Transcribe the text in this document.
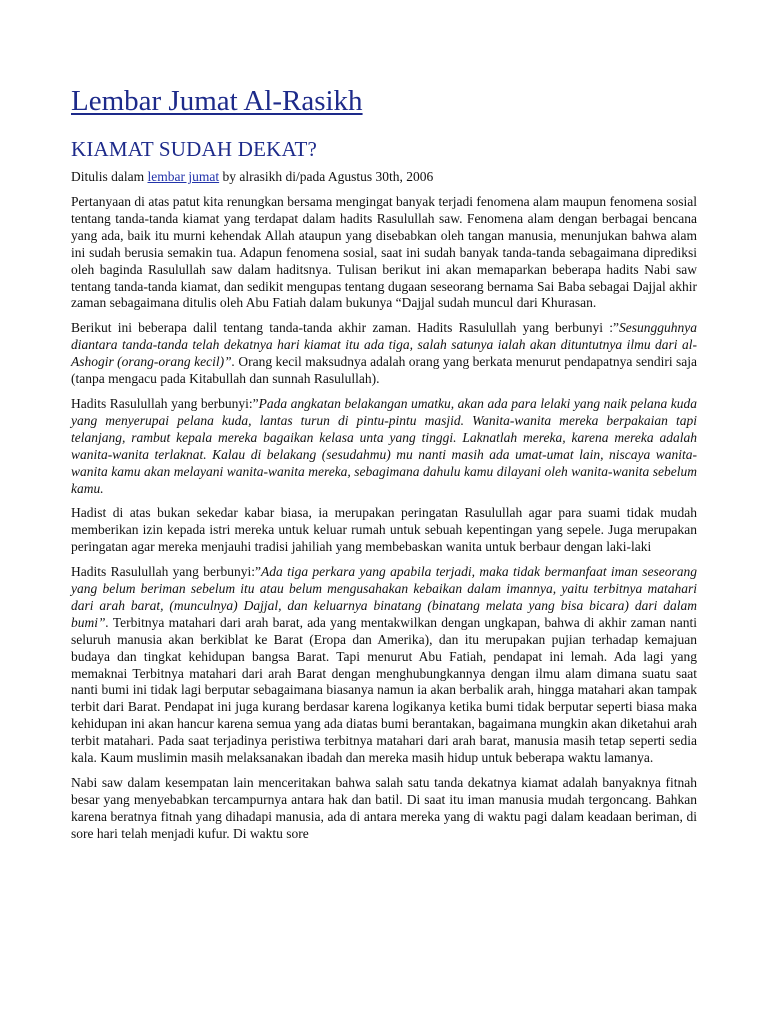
Lembar Jumat Al-Rasikh
KIAMAT SUDAH DEKAT?
Ditulis dalam lembar jumat by alrasikh di/pada Agustus 30th, 2006

Pertanyaan di atas patut kita renungkan bersama mengingat banyak terjadi fenomena alam maupun fenomena sosial tentang tanda-tanda kiamat yang terdapat dalam hadits Rasulullah saw. Fenomena alam dengan berbagai bencana yang ada, baik itu murni kehendak Allah ataupun yang disebabkan oleh tangan manusia, menunjukan bahwa alam ini sudah berusia semakin tua. Adapun fenomena sosial, saat ini sudah banyak tanda-tanda sebagaimana diprediksi oleh baginda Rasulullah saw dalam haditsnya. Tulisan berikut ini akan memaparkan beberapa hadits Nabi saw tentang tanda-tanda kiamat, dan sedikit mengupas tentang dugaan seseorang bernama Sai Baba sebagai Dajjal akhir zaman sebagaimana ditulis oleh Abu Fatiah dalam bukunya “Dajjal sudah muncul dari Khurasan.

Berikut ini beberapa dalil tentang tanda-tanda akhir zaman. Hadits Rasulullah yang berbunyi :”Sesungguhnya diantara tanda-tanda telah dekatnya hari kiamat itu ada tiga, salah satunya ialah akan dituntutnya ilmu dari al-Ashogir (orang-orang kecil)”. Orang kecil maksudnya adalah orang yang berkata menurut pendapatnya sendiri saja (tanpa mengacu pada Kitabullah dan sunnah Rasulullah).

Hadits Rasulullah yang berbunyi:”Pada angkatan belakangan umatku, akan ada para lelaki yang naik pelana kuda yang menyerupai pelana kuda, lantas turun di pintu-pintu masjid. Wanita-wanita mereka berpakaian tapi telanjang, rambut kepala mereka bagaikan kelasa unta yang tinggi. Laknatlah mereka, karena mereka adalah wanita-wanita terlaknat. Kalau di belakang (sesudahmu) mu nanti masih ada umat-umat lain, niscaya wanita-wanita kamu akan melayani wanita-wanita mereka, sebagimana dahulu kamu dilayani oleh wanita-wanita sebelum kamu.

Hadist di atas bukan sekedar kabar biasa, ia merupakan peringatan Rasulullah agar para suami tidak mudah memberikan izin kepada istri mereka untuk keluar rumah untuk sebuah kepentingan yang sepele. Juga merupakan peringatan agar mereka menjauhi tradisi jahiliah yang membebaskan wanita untuk berbaur dengan laki-laki

Hadits Rasulullah yang berbunyi:”Ada tiga perkara yang apabila terjadi, maka tidak bermanfaat iman seseorang yang belum beriman sebelum itu atau belum mengusahakan kebaikan dalam imannya, yaitu terbitnya matahari dari arah barat, (munculnya) Dajjal, dan keluarnya binatang (binatang melata yang bisa bicara) dari dalam bumi”. Terbitnya matahari dari arah barat, ada yang mentakwilkan dengan ungkapan, bahwa di akhir zaman nanti seluruh manusia akan berkiblat ke Barat (Eropa dan Amerika), dan itu merupakan pujian terhadap kemajuan budaya dan tingkat kehidupan bangsa Barat. Tapi menurut Abu Fatiah, pendapat ini lemah. Ada lagi yang memaknai Terbitnya matahari dari arah Barat dengan menghubungkannya dengan ilmu alam dimana suatu saat nanti bumi ini tidak lagi berputar sebagaimana biasanya namun ia akan berbalik arah, hingga matahari akan tampak terbit dari Barat. Pendapat ini juga kurang berdasar karena logikanya ketika bumi tidak berputar seperti biasa maka kehidupan ini akan hancur karena semua yang ada diatas bumi berantakan, bagaimana mungkin akan diketahui arah terbit matahari. Pada saat terjadinya peristiwa terbitnya matahari dari arah barat, manusia masih tetap seperti sedia kala. Kaum muslimin masih melaksanakan ibadah dan mereka masih hidup untuk beberapa waktu lamanya.

Nabi saw dalam kesempatan lain menceritakan bahwa salah satu tanda dekatnya kiamat adalah banyaknya fitnah besar yang menyebabkan tercampurnya antara hak dan batil. Di saat itu iman manusia mudah tergoncang. Bahkan karena beratnya fitnah yang dihadapi manusia, ada di antara mereka yang di waktu pagi dalam keadaan beriman, di sore hari telah menjadi kufur. Di waktu sore
